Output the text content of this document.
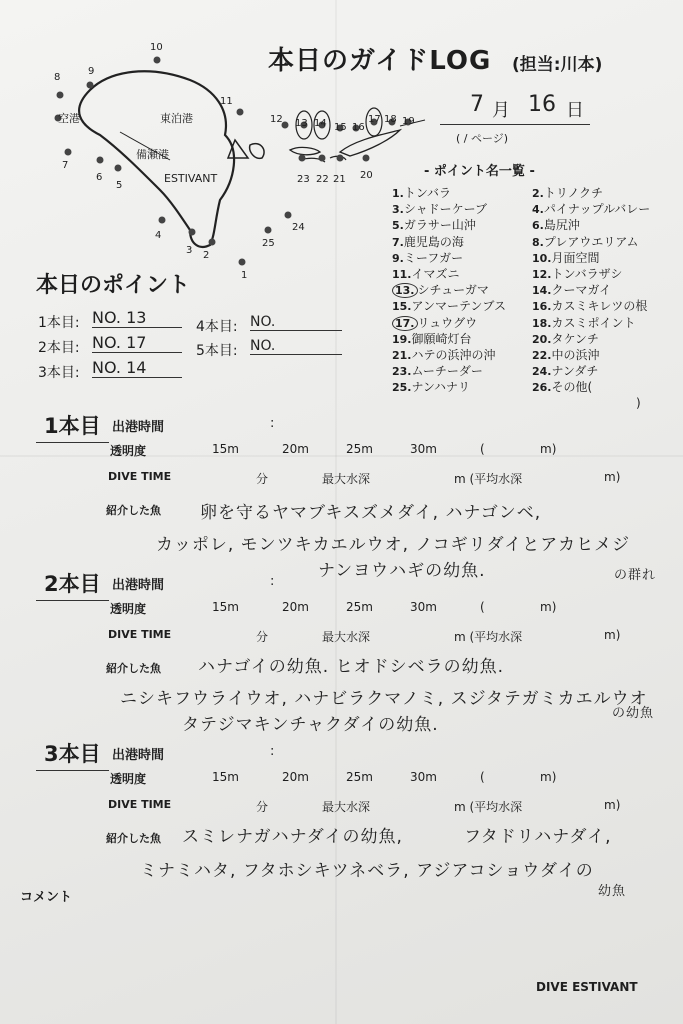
本日のガイドLOG (担当:川本)
7 月 16 日
( / ページ)
空港	東泊港
備瀬港
ESTIVANT
1
2
3
4
5
6
7
8
9
10
11
12 13 14 15 16
17 18 19
20
21
22
23
24
25
- ポイント名一覧 -
1.トンバラ	2.トリノクチ
3.シャドーケーブ	4.パイナップルバレー
5.ガラサー山沖	6.島尻沖
7.鹿児島の海	8.プレアウエリアム
9.ミーフガー	10.月面空間
11.イマズニ	12.トンバラザシ
13. シチューガマ	14.クーマガイ
15.アンマーテンブス 16.カスミキレツの根
17. リュウグウ	18.カスミポイント
19.御願崎灯台	20.タケンチ
21.ハテの浜沖の沖	22.中の浜沖
23.ムーチーダー	24.ナンダチ
25.ナンハナリ	26.その他(
)
本日のポイント
1本目: NO. 13
2本目: NO. 17
3本目: NO. 14
4本目: NO.
5本目: NO.
1本目 出港時間	:
透明度	15m	20m	25m	30m	(	m)
DIVE TIME	分	最大水深	m (平均水深	m)
紹介した魚 卵を守るヤマブキスズメダイ, ハナゴンベ,
カッポレ, モンツキカエルウオ, ノコギリダイとアカヒメジ
ナンヨウハギの幼魚.	の群れ
2本目 出港時間	:
透明度	15m	20m	25m	30m	(	m)
DIVE TIME	分	最大水深	m (平均水深	m)
紹介した魚 ハナゴイの幼魚. ヒオドシベラの幼魚.
ニシキフウライウオ, ハナビラクマノミ, スジタテガミカエルウオ
タテジマキンチャクダイの幼魚.
の幼魚
3本目 出港時間	:
透明度	15m	20m	25m	30m	(	m)
DIVE TIME	分	最大水深	m (平均水深	m)
紹介した魚 スミレナガハナダイの幼魚,	フタドリハナダイ,
ミナミハタ, フタホシキツネベラ, アジアコショウダイの
幼魚
コメント
DIVE ESTIVANT
